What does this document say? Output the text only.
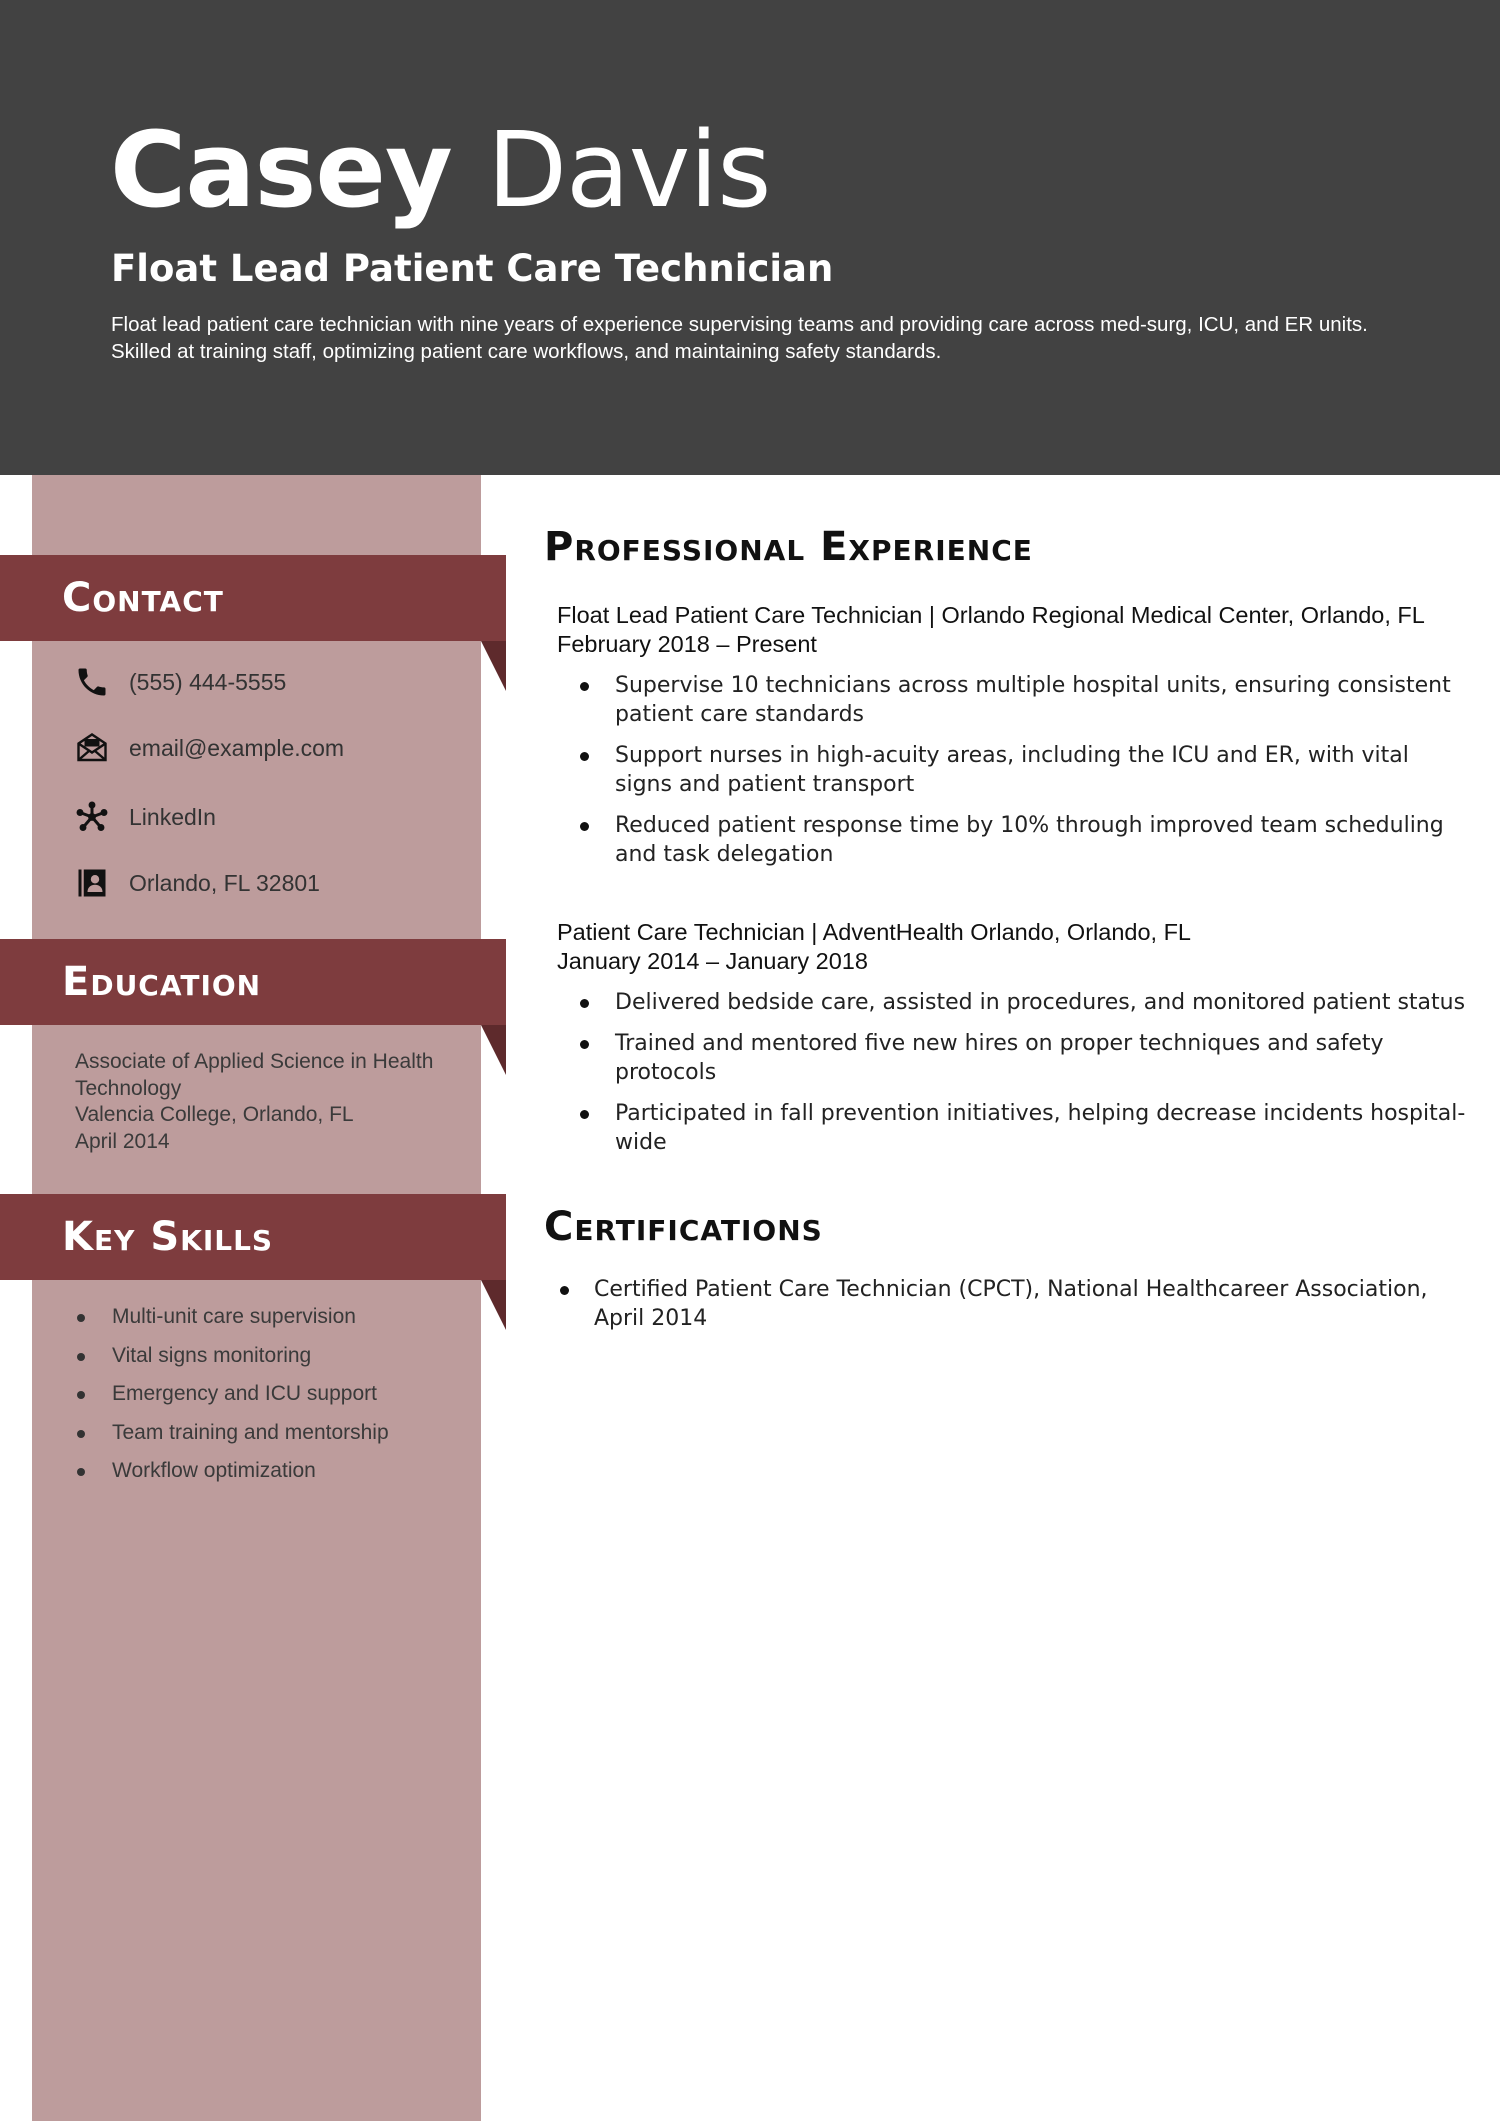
Casey Davis
Float Lead Patient Care Technician

Float lead patient care technician with nine years of experience supervising teams and providing care across med-surg, ICU, and ER units. Skilled at training staff, optimizing patient care workflows, and maintaining safety standards.

Contact
(555) 444-5555
email@example.com
LinkedIn
Orlando, FL 32801
Education
Associate of Applied Science in Health Technology
Valencia College, Orlando, FL
April 2014
Key Skills
Multi-unit care supervision
Vital signs monitoring
Emergency and ICU support
Team training and mentorship
Workflow optimization
Professional Experience
Float Lead Patient Care Technician | Orlando Regional Medical Center, Orlando, FL
February 2018 – Present
Supervise 10 technicians across multiple hospital units, ensuring consistent patient care standards
Support nurses in high-acuity areas, including the ICU and ER, with vital signs and patient transport
Reduced patient response time by 10% through improved team scheduling and task delegation
Patient Care Technician | AdventHealth Orlando, Orlando, FL
January 2014 – January 2018
Delivered bedside care, assisted in procedures, and monitored patient status
Trained and mentored five new hires on proper techniques and safety protocols
Participated in fall prevention initiatives, helping decrease incidents hospital-wide
Certifications
Certified Patient Care Technician (CPCT), National Healthcareer Association, April 2014
